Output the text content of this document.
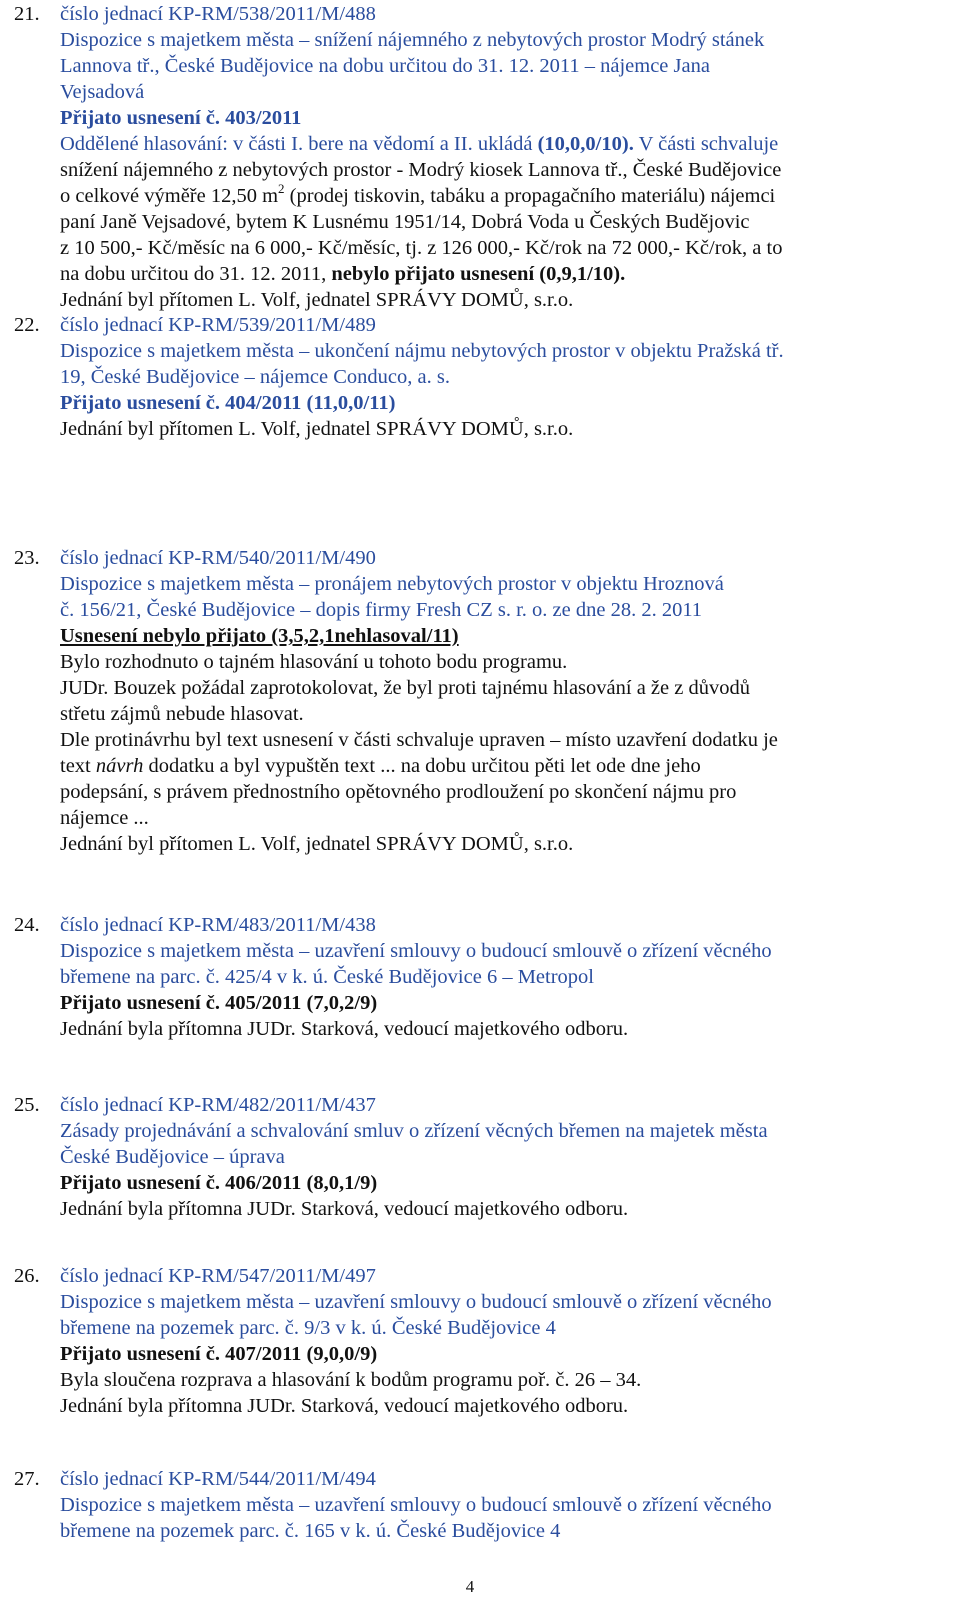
21. číslo jednací KP-RM/538/2011/M/488
Dispozice s majetkem města – snížení nájemného z nebytových prostor Modrý stánek
Lannova tř., České Budějovice na dobu určitou do 31. 12. 2011 – nájemce Jana
Vejsadová
Přijato usnesení č. 403/2011
Oddělené hlasování: v části I. bere na vědomí a II. ukládá (10,0,0/10). V části schvaluje
snížení nájemného z nebytových prostor - Modrý kiosek Lannova tř., České Budějovice
o celkové výměře 12,50 $m^2$ (prodej tiskovin, tabáku a propagačního materiálu) nájemci
paní Janě Vejsadové, bytem K Lusnému 1951/14, Dobrá Voda u Českých Budějovic
z 10 500,- Kč/měsíc na 6 000,- Kč/měsíc, tj. z 126 000,- Kč/rok na 72 000,- Kč/rok, a to
na dobu určitou do 31. 12. 2011, nebylo přijato usnesení (0,9,1/10).
Jednání byl přítomen L. Volf, jednatel SPRÁVY DOMŮ, s.r.o.
22. číslo jednací KP-RM/539/2011/M/489
Dispozice s majetkem města – ukončení nájmu nebytových prostor v objektu Pražská tř.
19, České Budějovice – nájemce Conduco, a. s.
Přijato usnesení č. 404/2011 (11,0,0/11)
Jednání byl přítomen L. Volf, jednatel SPRÁVY DOMŮ, s.r.o.
23. číslo jednací KP-RM/540/2011/M/490
Dispozice s majetkem města – pronájem nebytových prostor v objektu Hroznová
č. 156/21, České Budějovice – dopis firmy Fresh CZ s. r. o. ze dne 28. 2. 2011
Usnesení nebylo přijato (3,5,2,1nehlasoval/11)
Bylo rozhodnuto o tajném hlasování u tohoto bodu programu.
JUDr. Bouzek požádal zaprotokolovat, že byl proti tajnému hlasování a že z důvodů
střetu zájmů nebude hlasovat.
Dle protinávrhu byl text usnesení v části schvaluje upraven – místo uzavření dodatku je
text návrh dodatku a byl vypuštěn text ... na dobu určitou pěti let ode dne jeho
podepsání, s právem přednostního opětovného prodloužení po skončení nájmu pro
nájemce ...
Jednání byl přítomen L. Volf, jednatel SPRÁVY DOMŮ, s.r.o.
24. číslo jednací KP-RM/483/2011/M/438
Dispozice s majetkem města – uzavření smlouvy o budoucí smlouvě o zřízení věcného
břemene na parc. č. 425/4 v k. ú. České Budějovice 6 – Metropol
Přijato usnesení č. 405/2011 (7,0,2/9)
Jednání byla přítomna JUDr. Starková, vedoucí majetkového odboru.
25. číslo jednací KP-RM/482/2011/M/437
Zásady projednávání a schvalování smluv o zřízení věcných břemen na majetek města
České Budějovice – úprava
Přijato usnesení č. 406/2011 (8,0,1/9)
Jednání byla přítomna JUDr. Starková, vedoucí majetkového odboru.
26. číslo jednací KP-RM/547/2011/M/497
Dispozice s majetkem města – uzavření smlouvy o budoucí smlouvě o zřízení věcného
břemene na pozemek parc. č. 9/3 v k. ú. České Budějovice 4
Přijato usnesení č. 407/2011 (9,0,0/9)
Byla sloučena rozprava a hlasování k bodům programu poř. č. 26 – 34.
Jednání byla přítomna JUDr. Starková, vedoucí majetkového odboru.
27. číslo jednací KP-RM/544/2011/M/494
Dispozice s majetkem města – uzavření smlouvy o budoucí smlouvě o zřízení věcného
břemene na pozemek parc. č. 165 v k. ú. České Budějovice 4
4
